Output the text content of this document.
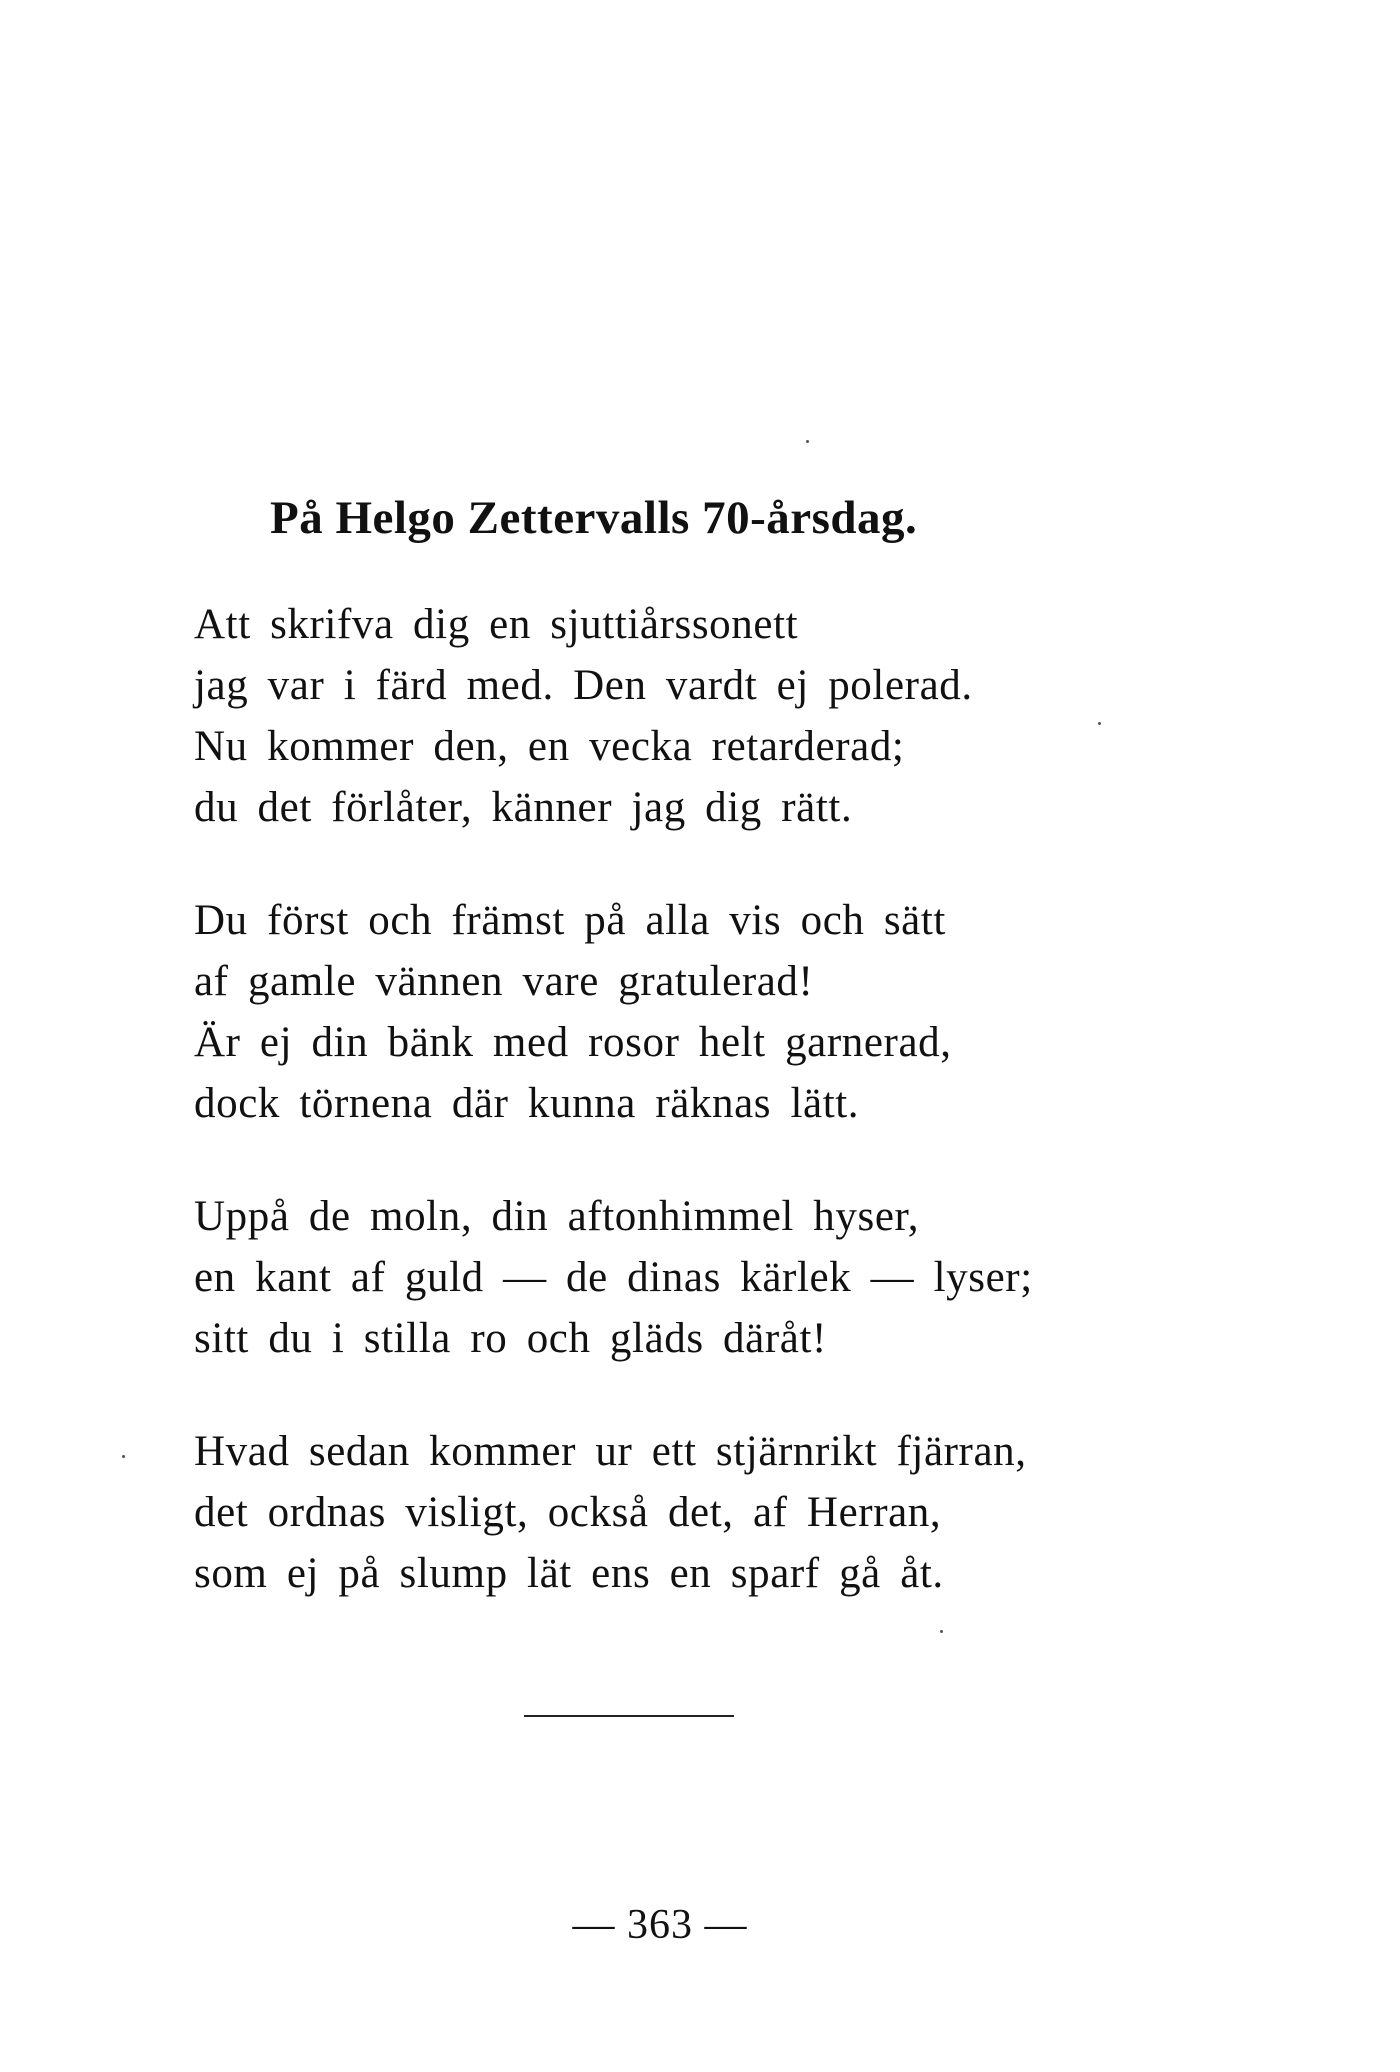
På Helgo Zettervalls 70-årsdag.
Att skrifva dig en sjuttiårssonett
jag var i färd med. Den vardt ej polerad.
Nu kommer den, en vecka retarderad;
du det förlåter, känner jag dig rätt.
Du först och främst på alla vis och sätt
af gamle vännen vare gratulerad!
Är ej din bänk med rosor helt garnerad,
dock törnena där kunna räknas lätt.
Uppå de moln, din aftonhimmel hyser,
en kant af guld — de dinas kärlek — lyser;
sitt du i stilla ro och gläds däråt!
Hvad sedan kommer ur ett stjärnrikt fjärran,
det ordnas visligt, också det, af Herran,
som ej på slump lät ens en sparf gå åt.
— 363 —
